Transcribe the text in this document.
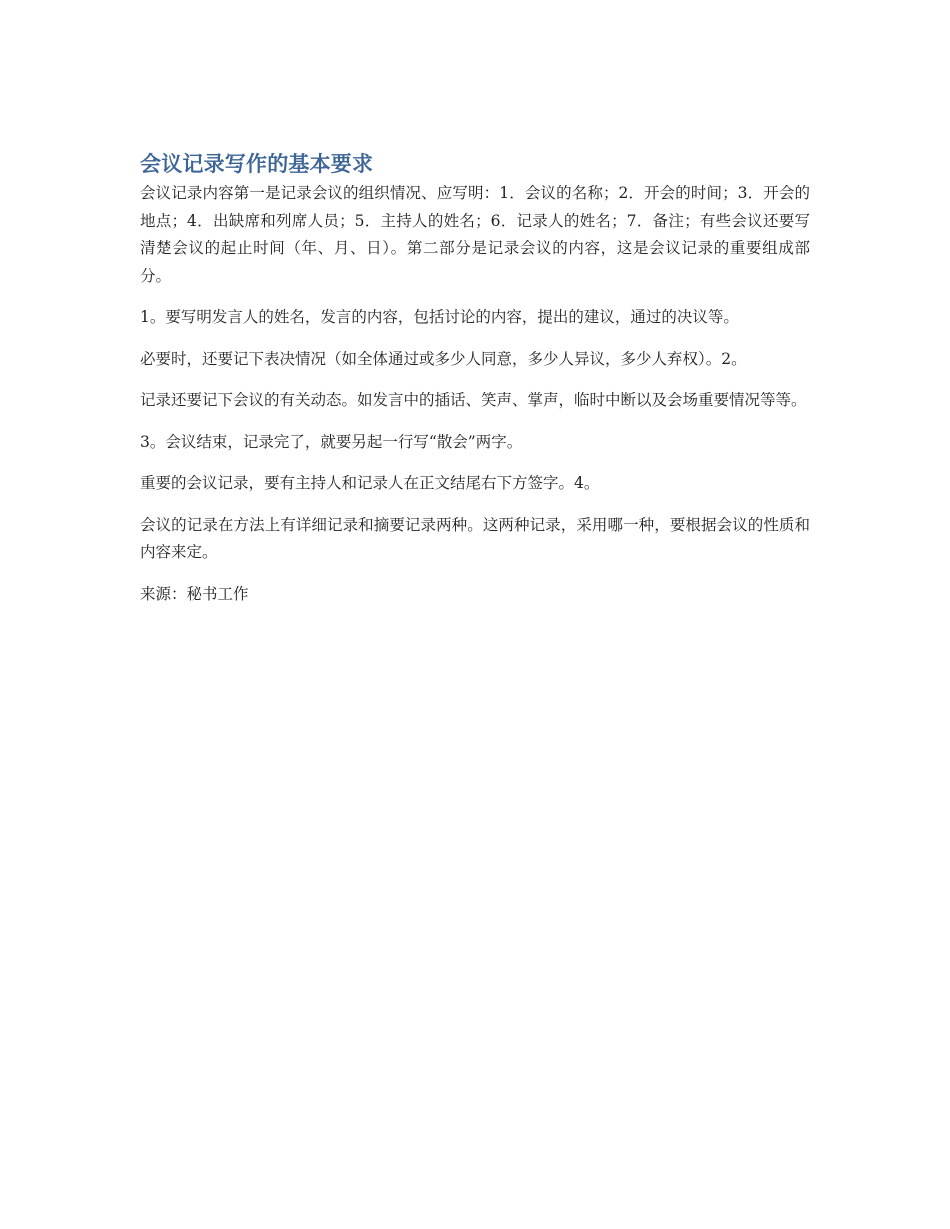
会议记录写作的基本要求

会议记录内容第一是记录会议的组织情况、应写明：1．会议的名称；2．开会的时间；3．开会的地点；4．出缺席和列席人员；5．主持人的姓名；6．记录人的姓名；7．备注；有些会议还要写清楚会议的起止时间（年、月、日）。第二部分是记录会议的内容，这是会议记录的重要组成部分。

1。要写明发言人的姓名，发言的内容，包括讨论的内容，提出的建议，通过的决议等。

必要时，还要记下表决情况（如全体通过或多少人同意，多少人异议，多少人弃权）。2。

记录还要记下会议的有关动态。如发言中的插话、笑声、掌声，临时中断以及会场重要情况等等。

3。会议结束，记录完了，就要另起一行写“散会”两字。

重要的会议记录，要有主持人和记录人在正文结尾右下方签字。4。

会议的记录在方法上有详细记录和摘要记录两种。这两种记录，采用哪一种，要根据会议的性质和内容来定。

来源：秘书工作
